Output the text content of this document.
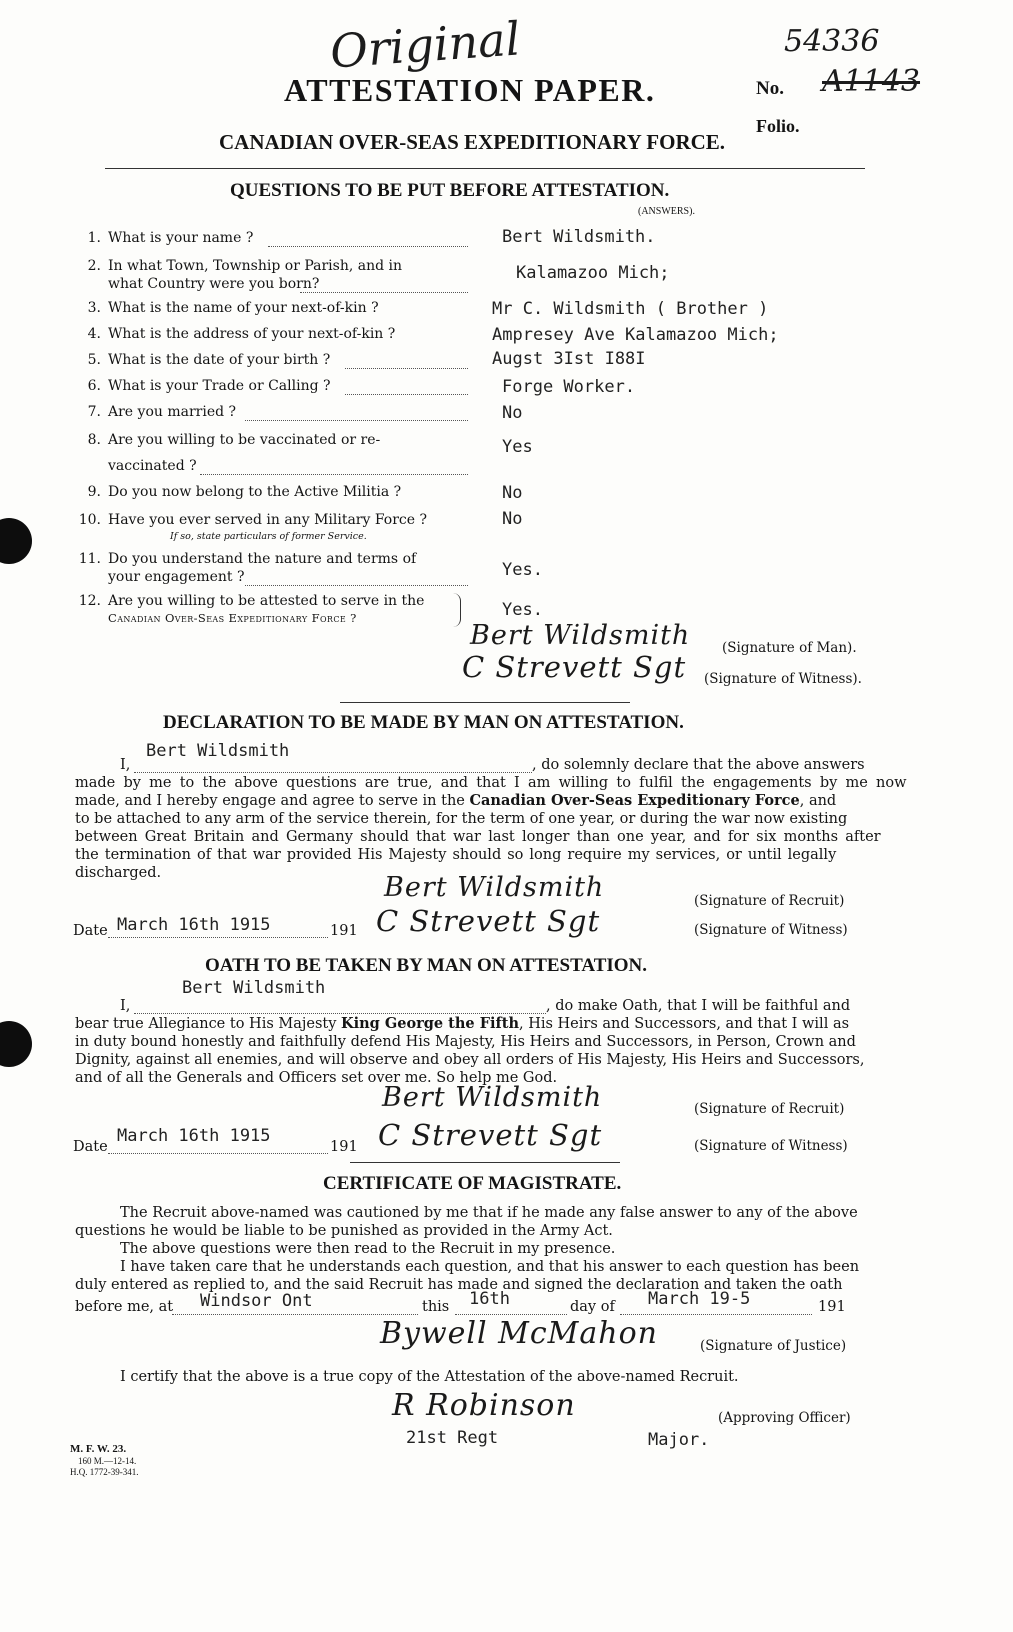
Original
ATTESTATION PAPER.
CANADIAN OVER-SEAS EXPEDITIONARY FORCE.
No.
54336
A1143
Folio.
QUESTIONS TO BE PUT BEFORE ATTESTATION.
(ANSWERS).
1. What is your name ?	Bert Wildsmith.
2. In what Town, Township or Parish, and in
what Country were you born?
Kalamazoo Mich;
3. What is the name of your next-of-kin ?	Mr C. Wildsmith ( Brother )
4. What is the address of your next-of-kin ?	Ampresey Ave Kalamazoo Mich;
5. What is the date of your birth ?	Augst 3Ist I88I
6. What is your Trade or Calling ?	Forge Worker.
7. Are you married ?	No
8. Are you willing to be vaccinated or re-
vaccinated ?
Yes
9. Do you now belong to the Active Militia ?	No
10. Have you ever served in any Military Force ?
If so, state particulars of former Service.
No
11. Do you understand the nature and terms of
your engagement ?	Yes.
12. Are you willing to be attested to serve in the
Canadian Over-Seas Expeditionary Force ?	Yes.
Bert Wildsmith (Signature of Man).
C Strevett Sgt (Signature of Witness).
DECLARATION TO BE MADE BY MAN ON ATTESTATION.
I,
Bert Wildsmith
, do solemnly declare that the above answers
made by me to the above questions are true, and that I am willing to fulfil the engagements by me now
made, and I hereby engage and agree to serve in the Canadian Over-Seas Expeditionary Force, and
to be attached to any arm of the service therein, for the term of one year, or during the war now existing
between Great Britain and Germany should that war last longer than one year, and for six months after
the termination of that war provided His Majesty should so long require my services, or until legally
discharged.	Bert Wildsmith	(Signature of Recruit)
Date March 16th 1915	191 C Strevett Sgt	(Signature of Witness)
OATH TO BE TAKEN BY MAN ON ATTESTATION.
Bert Wildsmith
I,	, do make Oath, that I will be faithful and
bear true Allegiance to His Majesty King George the Fifth, His Heirs and Successors, and that I will as
in duty bound honestly and faithfully defend His Majesty, His Heirs and Successors, in Person, Crown and
Dignity, against all enemies, and will observe and obey all orders of His Majesty, His Heirs and Successors,
and of all the Generals and Officers set over me. So help me God.
Bert Wildsmith	(Signature of Recruit)
Date
March 16th 1915
191 C Strevett Sgt	(Signature of Witness)
CERTIFICATE OF MAGISTRATE.
The Recruit above-named was cautioned by me that if he made any false answer to any of the above
questions he would be liable to be punished as provided in the Army Act.
The above questions were then read to the Recruit in my presence.
I have taken care that he understands each question, and that his answer to each question has been
duly entered as replied to, and the said Recruit has made and signed the declaration and taken the oath
before me, at Windsor Ont	this 16th	day of March 19-5	191
Bywell McMahon	(Signature of Justice)
I certify that the above is a true copy of the Attestation of the above-named Recruit.
R Robinson	(Approving Officer)
21st Regt	Major.
M. F. W. 23.
160 M.—12-14.
H.Q. 1772-39-341.
